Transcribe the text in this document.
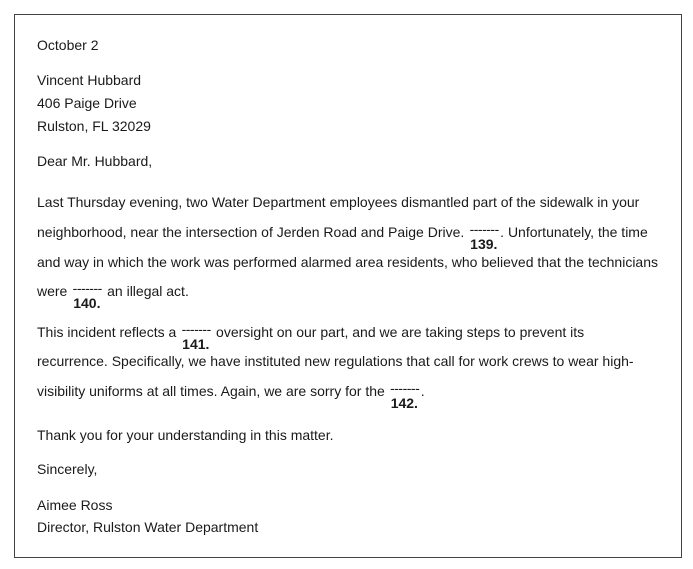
October 2
Vincent Hubbard
406 Paige Drive
Rulston, FL 32029
Dear Mr. Hubbard,
Last Thursday evening, two Water Department employees dismantled part of the sidewalk in your
neighborhood, near the intersection of Jerden Road and Paige Drive. -------
139.
. Unfortunately, the time
and way in which the work was performed alarmed area residents, who believed that the technicians
were -------
140.
an illegal act.
This incident reflects a -------
141.
oversight on our part, and we are taking steps to prevent its
recurrence. Specifically, we have instituted new regulations that call for work crews to wear high-
visibility uniforms at all times. Again, we are sorry for the -------
142.
.
Thank you for your understanding in this matter.
Sincerely,
Aimee Ross
Director, Rulston Water Department
